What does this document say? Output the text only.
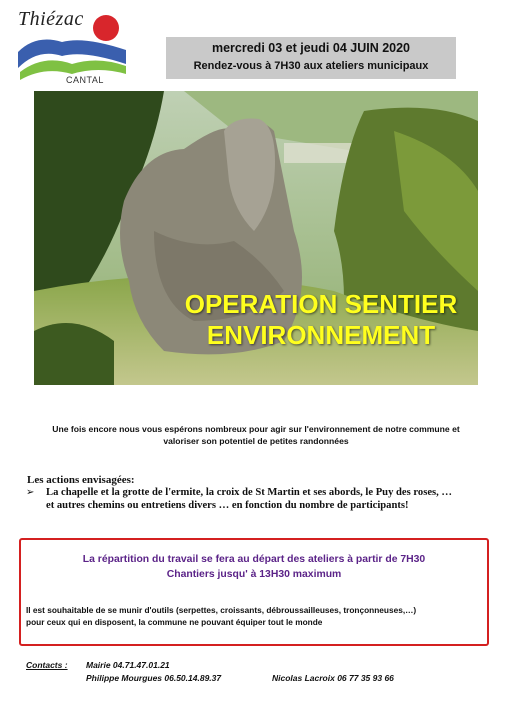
Thiézac
CANTAL
mercredi 03 et jeudi 04 JUIN 2020
Rendez-vous à 7H30 aux ateliers municipaux
OPERATION SENTIER
ENVIRONNEMENT
Une fois encore nous vous espérons nombreux pour agir sur l'environnement de notre commune et
valoriser son potentiel de petites randonnées
Les actions envisagées:
➢ La chapelle et la grotte de l'ermite, la croix de St Martin et ses abords, le Puy des roses, …
et autres chemins ou entretiens divers … en fonction du nombre de participants!
La répartition du travail se fera au départ des ateliers à partir de 7H30
Chantiers jusqu' à 13H30 maximum
Il est souhaitable de se munir d'outils (serpettes, croissants, débroussailleuses, tronçonneuses,…)
pour ceux qui en disposent, la commune ne pouvant équiper tout le monde
Contacts : Mairie 04.71.47.01.21
Philippe Mourgues 06.50.14.89.37	Nicolas Lacroix 06 77 35 93 66
